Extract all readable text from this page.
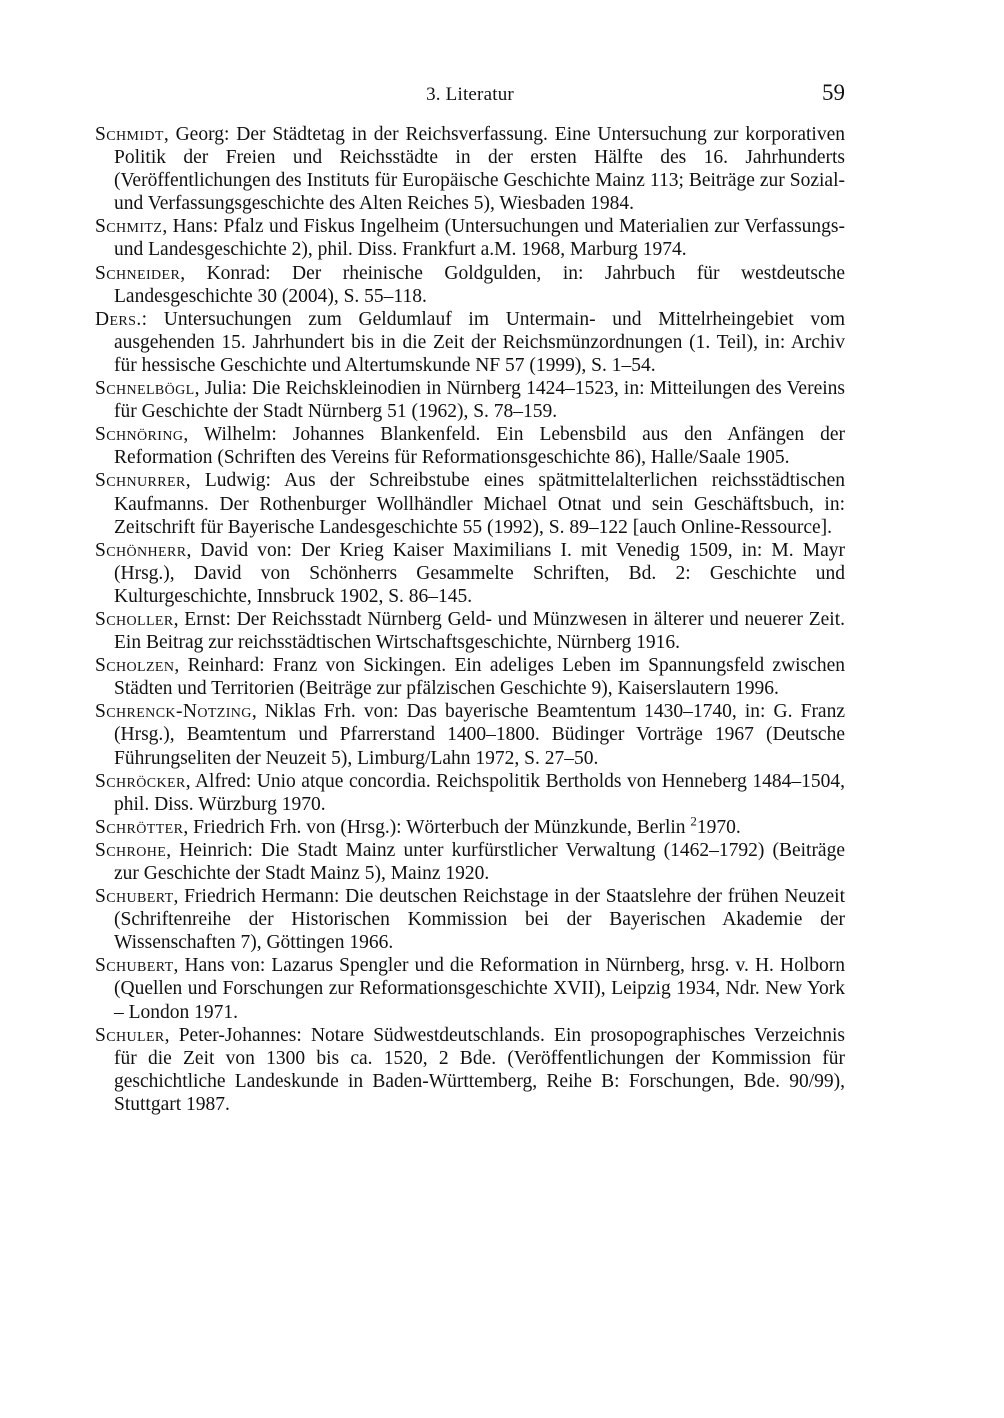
3. Literatur	59
Schmidt, Georg: Der Städtetag in der Reichsverfassung. Eine Untersuchung zur korporativen Politik der Freien und Reichsstädte in der ersten Hälfte des 16. Jahrhunderts (Veröffentlichungen des Instituts für Europäische Geschichte Mainz 113; Beiträge zur Sozial- und Verfassungsgeschichte des Alten Reiches 5), Wiesbaden 1984.
Schmitz, Hans: Pfalz und Fiskus Ingelheim (Untersuchungen und Materialien zur Verfassungs- und Landesgeschichte 2), phil. Diss. Frankfurt a.M. 1968, Marburg 1974.
Schneider, Konrad: Der rheinische Goldgulden, in: Jahrbuch für westdeutsche Landesgeschichte 30 (2004), S. 55–118.
Ders.: Untersuchungen zum Geldumlauf im Untermain- und Mittelrheingebiet vom ausgehenden 15. Jahrhundert bis in die Zeit der Reichsmünzordnungen (1. Teil), in: Archiv für hessische Geschichte und Altertumskunde NF 57 (1999), S. 1–54.
Schnelbögl, Julia: Die Reichskleinodien in Nürnberg 1424–1523, in: Mitteilungen des Vereins für Geschichte der Stadt Nürnberg 51 (1962), S. 78–159.
Schnöring, Wilhelm: Johannes Blankenfeld. Ein Lebensbild aus den Anfängen der Reformation (Schriften des Vereins für Reformationsgeschichte 86), Halle/Saale 1905.
Schnurrer, Ludwig: Aus der Schreibstube eines spätmittelalterlichen reichsstädtischen Kaufmanns. Der Rothenburger Wollhändler Michael Otnat und sein Geschäftsbuch, in: Zeitschrift für Bayerische Landesgeschichte 55 (1992), S. 89–122 [auch Online-Ressource].
Schönherr, David von: Der Krieg Kaiser Maximilians I. mit Venedig 1509, in: M. Mayr (Hrsg.), David von Schönherrs Gesammelte Schriften, Bd. 2: Geschichte und Kulturgeschichte, Innsbruck 1902, S. 86–145.
Scholler, Ernst: Der Reichsstadt Nürnberg Geld- und Münzwesen in älterer und neuerer Zeit. Ein Beitrag zur reichsstädtischen Wirtschaftsgeschichte, Nürnberg 1916.
Scholzen, Reinhard: Franz von Sickingen. Ein adeliges Leben im Spannungsfeld zwischen Städten und Territorien (Beiträge zur pfälzischen Geschichte 9), Kaiserslautern 1996.
Schrenck-Notzing, Niklas Frh. von: Das bayerische Beamtentum 1430–1740, in: G. Franz (Hrsg.), Beamtentum und Pfarrerstand 1400–1800. Büdinger Vorträge 1967 (Deutsche Führungseliten der Neuzeit 5), Limburg/Lahn 1972, S. 27–50.
Schröcker, Alfred: Unio atque concordia. Reichspolitik Bertholds von Henneberg 1484–1504, phil. Diss. Würzburg 1970.
Schrötter, Friedrich Frh. von (Hrsg.): Wörterbuch der Münzkunde, Berlin $^2$1970.
Schrohe, Heinrich: Die Stadt Mainz unter kurfürstlicher Verwaltung (1462–1792) (Beiträge zur Geschichte der Stadt Mainz 5), Mainz 1920.
Schubert, Friedrich Hermann: Die deutschen Reichstage in der Staatslehre der frühen Neuzeit (Schriftenreihe der Historischen Kommission bei der Bayerischen Akademie der Wissenschaften 7), Göttingen 1966.
Schubert, Hans von: Lazarus Spengler und die Reformation in Nürnberg, hrsg. v. H. Holborn (Quellen und Forschungen zur Reformationsgeschichte XVII), Leipzig 1934, Ndr. New York – London 1971.
Schuler, Peter-Johannes: Notare Südwestdeutschlands. Ein prosopographisches Verzeichnis für die Zeit von 1300 bis ca. 1520, 2 Bde. (Veröffentlichungen der Kommission für geschichtliche Landeskunde in Baden-Württemberg, Reihe B: Forschungen, Bde. 90/99), Stuttgart 1987.
